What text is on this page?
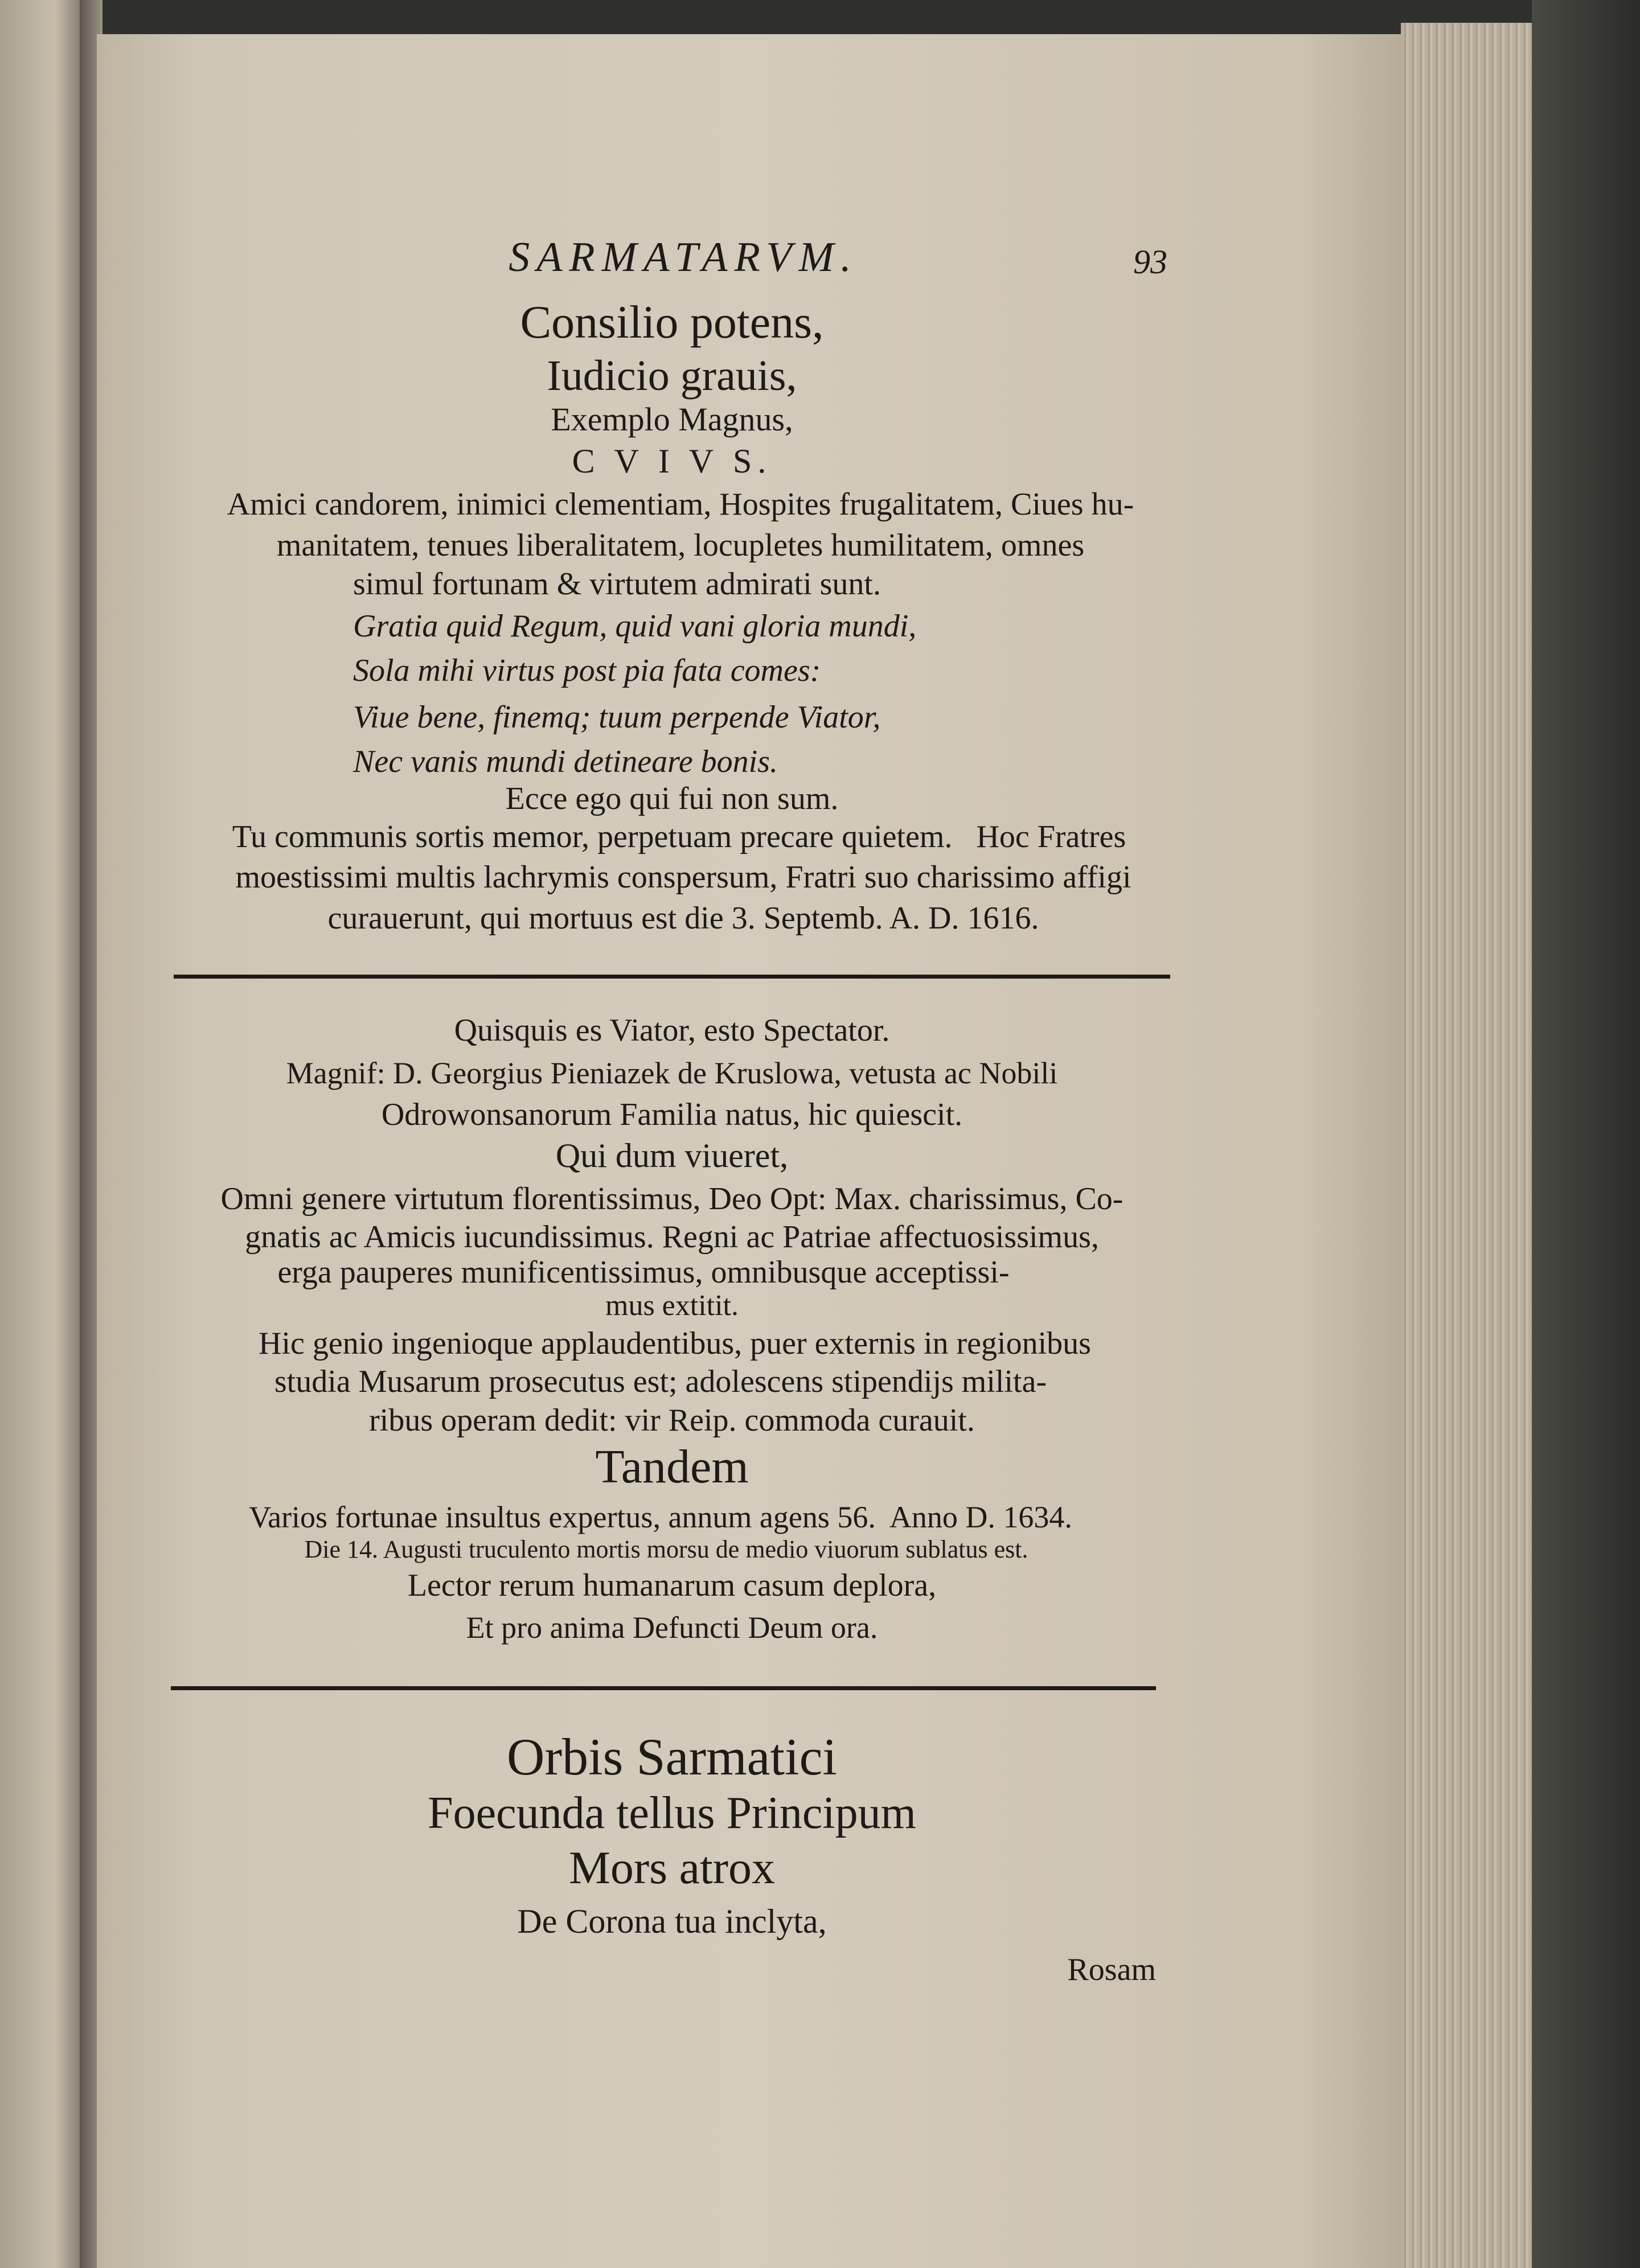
SARMATARVM.	93
Consilio potens,
Iudicio grauis,
Exemplo Magnus,
C V I V S.
Amici candorem, inimici clementiam, Hospites frugalitatem, Ciues hu-
manitatem, tenues liberalitatem, locupletes humilitatem, omnes
simul fortunam & virtutem admirati sunt.
Gratia quid Regum, quid vani gloria mundi,
Sola mihi virtus post pia fata comes:
Viue bene, finemq; tuum perpende Viator,
Nec vanis mundi detineare bonis.
Ecce ego qui fui non sum.
Tu communis sortis memor, perpetuam precare quietem.   Hoc Fratres
moestissimi multis lachrymis conspersum, Fratri suo charissimo affigi
curauerunt, qui mortuus est die 3. Septemb. A. D. 1616.
Quisquis es Viator, esto Spectator.
Magnif: D. Georgius Pieniazek de Kruslowa, vetusta ac Nobili
Odrowonsanorum Familia natus, hic quiescit.
Qui dum viueret,
Omni genere virtutum florentissimus, Deo Opt: Max. charissimus, Co-
gnatis ac Amicis iucundissimus. Regni ac Patriae affectuosissimus,
erga pauperes munificentissimus, omnibusque acceptissi-
mus extitit.
Hic genio ingenioque applaudentibus, puer externis in regionibus
studia Musarum prosecutus est; adolescens stipendijs milita-
ribus operam dedit: vir Reip. commoda curauit.
Tandem
Varios fortunae insultus expertus, annum agens 56.  Anno D. 1634.
Die 14. Augusti truculento mortis morsu de medio viuorum sublatus est.
Lector rerum humanarum casum deplora,
Et pro anima Defuncti Deum ora.
Orbis Sarmatici
Foecunda tellus Principum
Mors atrox
De Corona tua inclyta,
Rosam
